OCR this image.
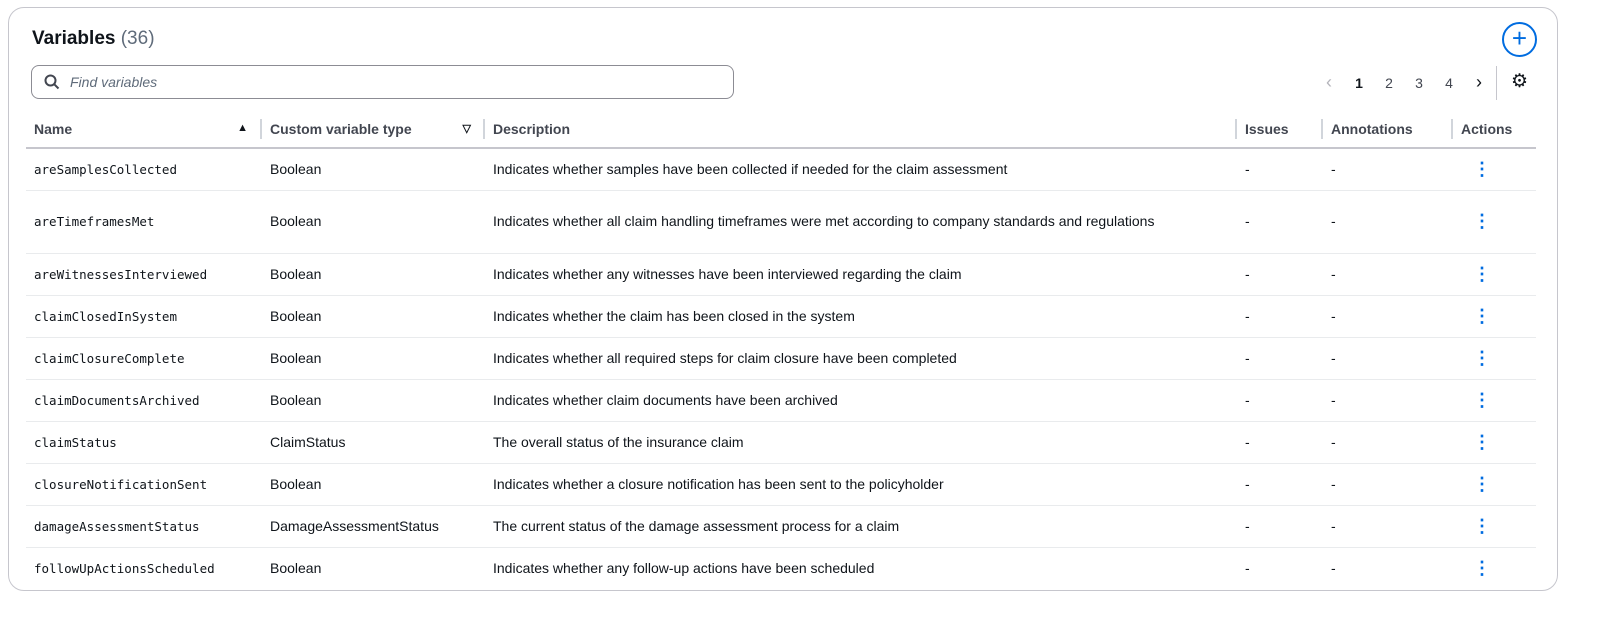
Variables (36)	+
Find variables
‹	1	2	3	4	›	⚙
Name ▲	Custom variable type ▽	Description	Issues	Annotations	Actions
areSamplesCollected	Boolean	Indicates whether samples have been collected if needed for the claim assessment	-	-	⋮
areTimeframesMet	Boolean	Indicates whether all claim handling timeframes were met according to company standards and regulations	-	-	⋮
areWitnessesInterviewed	Boolean	Indicates whether any witnesses have been interviewed regarding the claim	-	-	⋮
claimClosedInSystem	Boolean	Indicates whether the claim has been closed in the system	-	-	⋮
claimClosureComplete	Boolean	Indicates whether all required steps for claim closure have been completed	-	-	⋮
claimDocumentsArchived	Boolean	Indicates whether claim documents have been archived	-	-	⋮
claimStatus	ClaimStatus	The overall status of the insurance claim	-	-	⋮
closureNotificationSent	Boolean	Indicates whether a closure notification has been sent to the policyholder	-	-	⋮
damageAssessmentStatus	DamageAssessmentStatus	The current status of the damage assessment process for a claim	-	-	⋮
followUpActionsScheduled	Boolean	Indicates whether any follow-up actions have been scheduled	-	-	⋮
